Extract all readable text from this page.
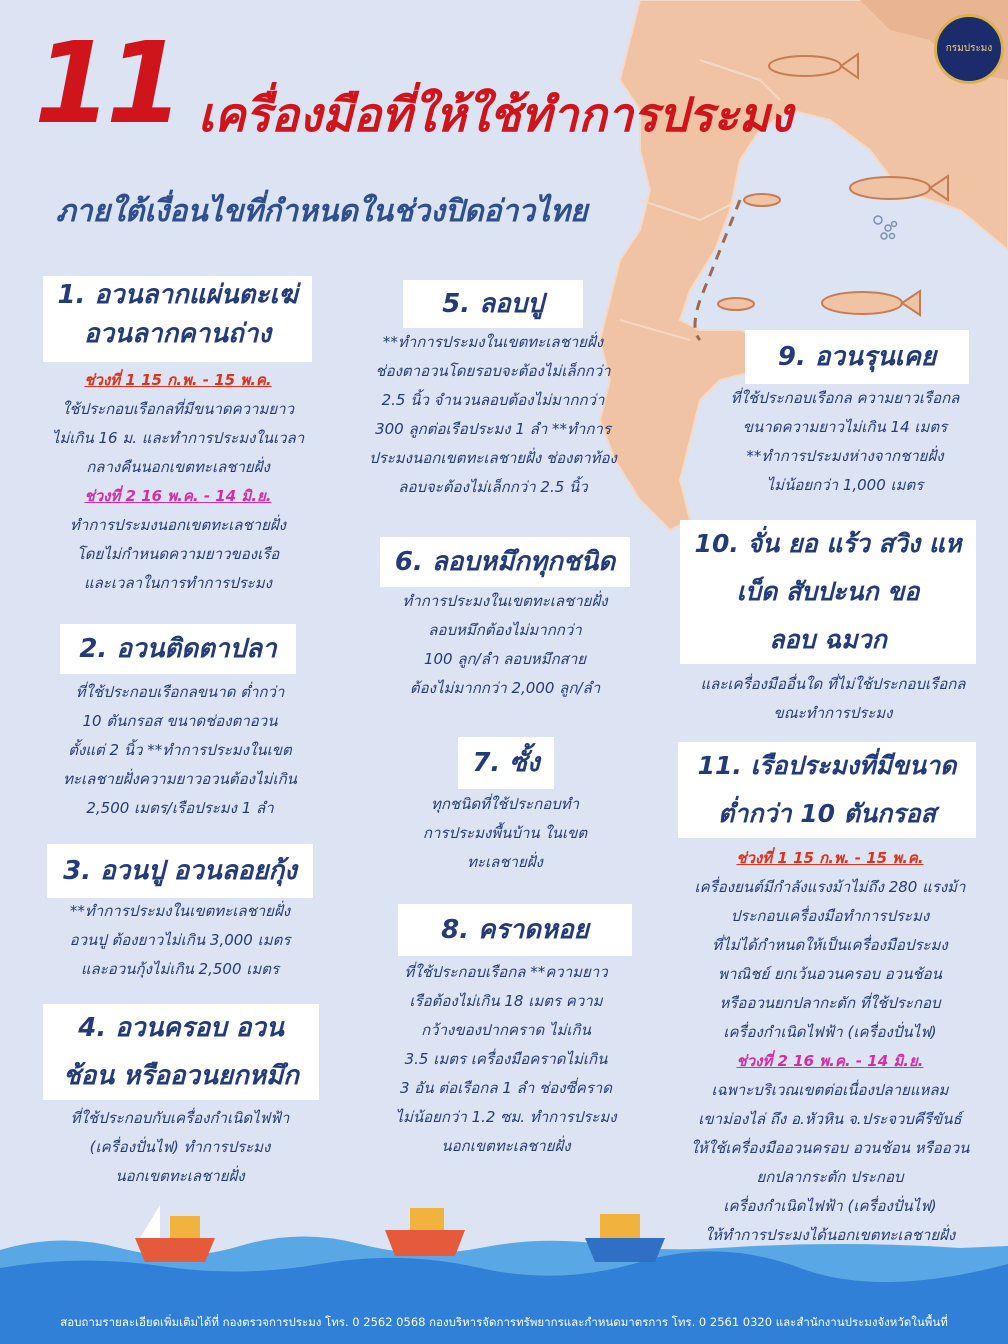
11 เครื่องมือที่ให้ใช้ทำการประมง
ภายใต้เงื่อนไขที่กำหนดในช่วงปิดอ่าวไทย
กรมประมง
1. อวนลากแผ่นตะเฆ่
อวนลากคานถ่าง
ช่วงที่ 1 15 ก.พ. - 15 พ.ค.
ใช้ประกอบเรือกลที่มีขนาดความยาว
ไม่เกิน 16 ม. และทำการประมงในเวลา
กลางคืนนอกเขตทะเลชายฝั่ง
ช่วงที่ 2 16 พ.ค. - 14 มิ.ย.
ทำการประมงนอกเขตทะเลชายฝั่ง
โดยไม่กำหนดความยาวของเรือ
และเวลาในการทำการประมง
2. อวนติดตาปลา
ที่ใช้ประกอบเรือกลขนาด ต่ำกว่า
10 ตันกรอส ขนาดช่องตาอวน
ตั้งแต่ 2 นิ้ว **ทำการประมงในเขต
ทะเลชายฝั่งความยาวอวนต้องไม่เกิน
2,500 เมตร/เรือประมง 1 ลำ
3. อวนปู อวนลอยกุ้ง
**ทำการประมงในเขตทะเลชายฝั่ง
อวนปู ต้องยาวไม่เกิน 3,000 เมตร
และอวนกุ้งไม่เกิน 2,500 เมตร
4. อวนครอบ อวน
ช้อน หรืออวนยกหมึก
ที่ใช้ประกอบกับเครื่องกำเนิดไฟฟ้า
(เครื่องปั่นไฟ) ทำการประมง
นอกเขตทะเลชายฝั่ง
5. ลอบปู
**ทำการประมงในเขตทะเลชายฝั่ง
ช่องตาอวนโดยรอบจะต้องไม่เล็กกว่า
2.5 นิ้ว จำนวนลอบต้องไม่มากกว่า
300 ลูกต่อเรือประมง 1 ลำ **ทำการ
ประมงนอกเขตทะเลชายฝั่ง ช่องตาท้อง
ลอบจะต้องไม่เล็กกว่า 2.5 นิ้ว
6. ลอบหมึกทุกชนิด
ทำการประมงในเขตทะเลชายฝั่ง
ลอบหมึกต้องไม่มากกว่า
100 ลูก/ลำ ลอบหมึกสาย
ต้องไม่มากกว่า 2,000 ลูก/ลำ
7. ซั้ง
ทุกชนิดที่ใช้ประกอบทำ
การประมงพื้นบ้าน ในเขต
ทะเลชายฝั่ง
8. คราดหอย
ที่ใช้ประกอบเรือกล **ความยาว
เรือต้องไม่เกิน 18 เมตร ความ
กว้างของปากคราด ไม่เกิน
3.5 เมตร เครื่องมือคราดไม่เกิน
3 อัน ต่อเรือกล 1 ลำ ช่องซี่คราด
ไม่น้อยกว่า 1.2 ซม. ทำการประมง
นอกเขตทะเลชายฝั่ง
9. อวนรุนเคย
ที่ใช้ประกอบเรือกล ความยาวเรือกล
ขนาดความยาวไม่เกิน 14 เมตร
**ทำการประมงห่างจากชายฝั่ง
ไม่น้อยกว่า 1,000 เมตร
10. จั่น ยอ แร้ว สวิง แห
เบ็ด สับปะนก ขอ
ลอบ ฉมวก
และเครื่องมืออื่นใด ที่ไม่ใช้ประกอบเรือกล
ขณะทำการประมง
11. เรือประมงที่มีขนาด
ต่ำกว่า 10 ตันกรอส
ช่วงที่ 1 15 ก.พ. - 15 พ.ค.
เครื่องยนต์มีกำลังแรงม้าไม่ถึง 280 แรงม้า
ประกอบเครื่องมือทำการประมง
ที่ไม่ได้กำหนดให้เป็นเครื่องมือประมง
พาณิชย์ ยกเว้นอวนครอบ อวนช้อน
หรืออวนยกปลากะตัก ที่ใช้ประกอบ
เครื่องกำเนิดไฟฟ้า (เครื่องปั่นไฟ)
ช่วงที่ 2 16 พ.ค. - 14 มิ.ย.
เฉพาะบริเวณเขตต่อเนื่องปลายแหลม
เขาม่องไล่ ถึง อ.หัวหิน จ.ประจวบคีรีขันธ์
ให้ใช้เครื่องมืออวนครอบ อวนช้อน หรืออวน
ยกปลากระตัก ประกอบ
เครื่องกำเนิดไฟฟ้า (เครื่องปั่นไฟ)
ให้ทำการประมงได้นอกเขตทะเลชายฝั่ง
สอบถามรายละเอียดเพิ่มเติมได้ที่ กองตรวจการประมง โทร. 0 2562 0568 กองบริหารจัดการทรัพยากรและกำหนดมาตรการ โทร. 0 2561 0320 และสำนักงานประมงจังหวัดในพื้นที่
